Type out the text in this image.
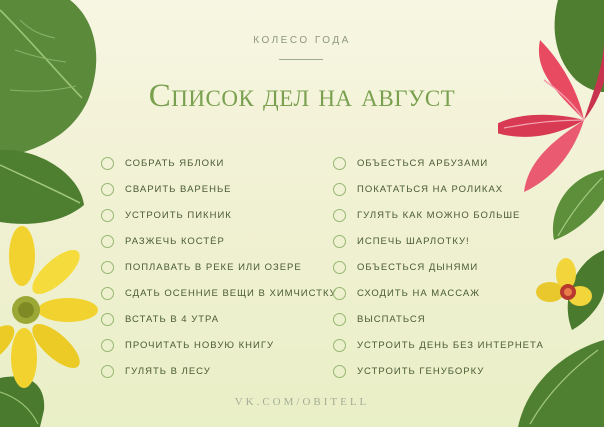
КОЛЕСО ГОДА
Список дел на август
СОБРАТЬ ЯБЛОКИ
СВАРИТЬ ВАРЕНЬЕ
УСТРОИТЬ ПИКНИК
РАЗЖЕЧЬ КОСТЁР
ПОПЛАВАТЬ В РЕКЕ ИЛИ ОЗЕРЕ
СДАТЬ ОСЕННИЕ ВЕЩИ В ХИМЧИСТКУ
ВСТАТЬ В 4 УТРА
ПРОЧИТАТЬ НОВУЮ КНИГУ
ГУЛЯТЬ В ЛЕСУ
ОБЪЕСТЬСЯ АРБУЗАМИ
ПОКАТАТЬСЯ НА РОЛИКАХ
ГУЛЯТЬ КАК МОЖНО БОЛЬШЕ
ИСПЕЧЬ ШАРЛОТКУ!
ОБЪЕСТЬСЯ ДЫНЯМИ
СХОДИТЬ НА МАССАЖ
ВЫСПАТЬСЯ
УСТРОИТЬ ДЕНЬ БЕЗ ИНТЕРНЕТА
УСТРОИТЬ ГЕНУБОРКУ
VK.COM/OBITELL
